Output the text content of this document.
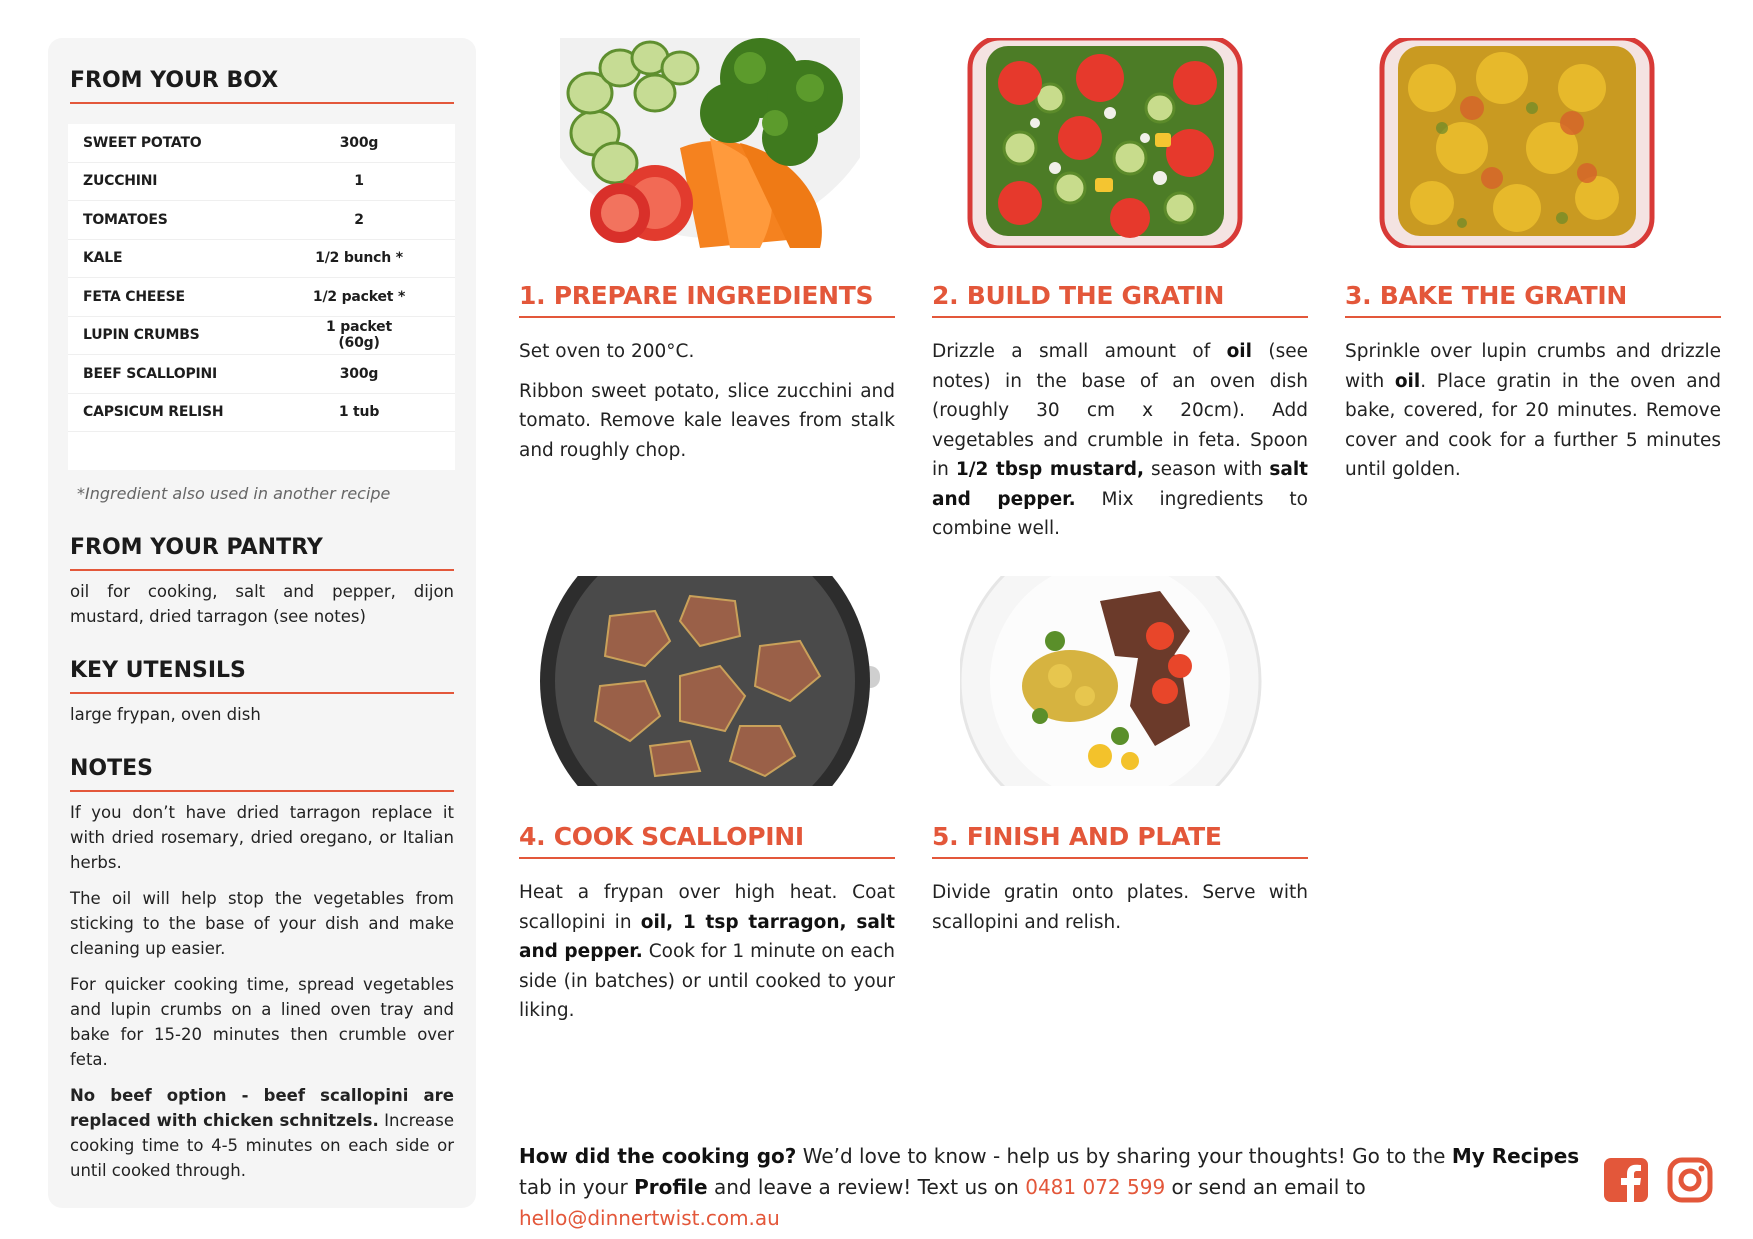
FROM YOUR BOX
SWEET POTATO	300g
ZUCCHINI	1
TOMATOES	2
KALE	1/2 bunch *
FETA CHEESE	1/2 packet *
LUPIN CRUMBS	1 packet (60g)
BEEF SCALLOPINI	300g
CAPSICUM RELISH	1 tub
*Ingredient also used in another recipe
FROM YOUR PANTRY
oil for cooking, salt and pepper, dijon mustard, dried tarragon (see notes)
KEY UTENSILS
large frypan, oven dish
NOTES

If you don’t have dried tarragon replace it with dried rosemary, dried oregano, or Italian herbs.

The oil will help stop the vegetables from sticking to the base of your dish and make cleaning up easier.

For quicker cooking time, spread vegetables and lupin crumbs on a lined oven tray and bake for 15-20 minutes then crumble over feta.

No beef option - beef scallopini are replaced with chicken schnitzels. Increase cooking time to 4-5 minutes on each side or until cooked through.

1. PREPARE INGREDIENTS

Set oven to 200°C.

Ribbon sweet potato, slice zucchini and tomato. Remove kale leaves from stalk and roughly chop.

2. BUILD THE GRATIN

Drizzle a small amount of oil (see notes) in the base of an oven dish (roughly 30 cm x 20cm). Add vegetables and crumble in feta. Spoon in 1/2 tbsp mustard, season with salt and pepper. Mix ingredients to combine well.

3. BAKE THE GRATIN

Sprinkle over lupin crumbs and drizzle with oil. Place gratin in the oven and bake, covered, for 20 minutes. Remove cover and cook for a further 5 minutes until golden.

4. COOK SCALLOPINI

Heat a frypan over high heat. Coat scallopini in oil, 1 tsp tarragon, salt and pepper. Cook for 1 minute on each side (in batches) or until cooked to your liking.

5. FINISH AND PLATE

Divide gratin onto plates. Serve with scallopini and relish.

How did the cooking go? We’d love to know - help us by sharing your thoughts! Go to the My Recipes tab in your Profile and leave a review! Text us on 0481 072 599 or send an email to hello@dinnertwist.com.au
